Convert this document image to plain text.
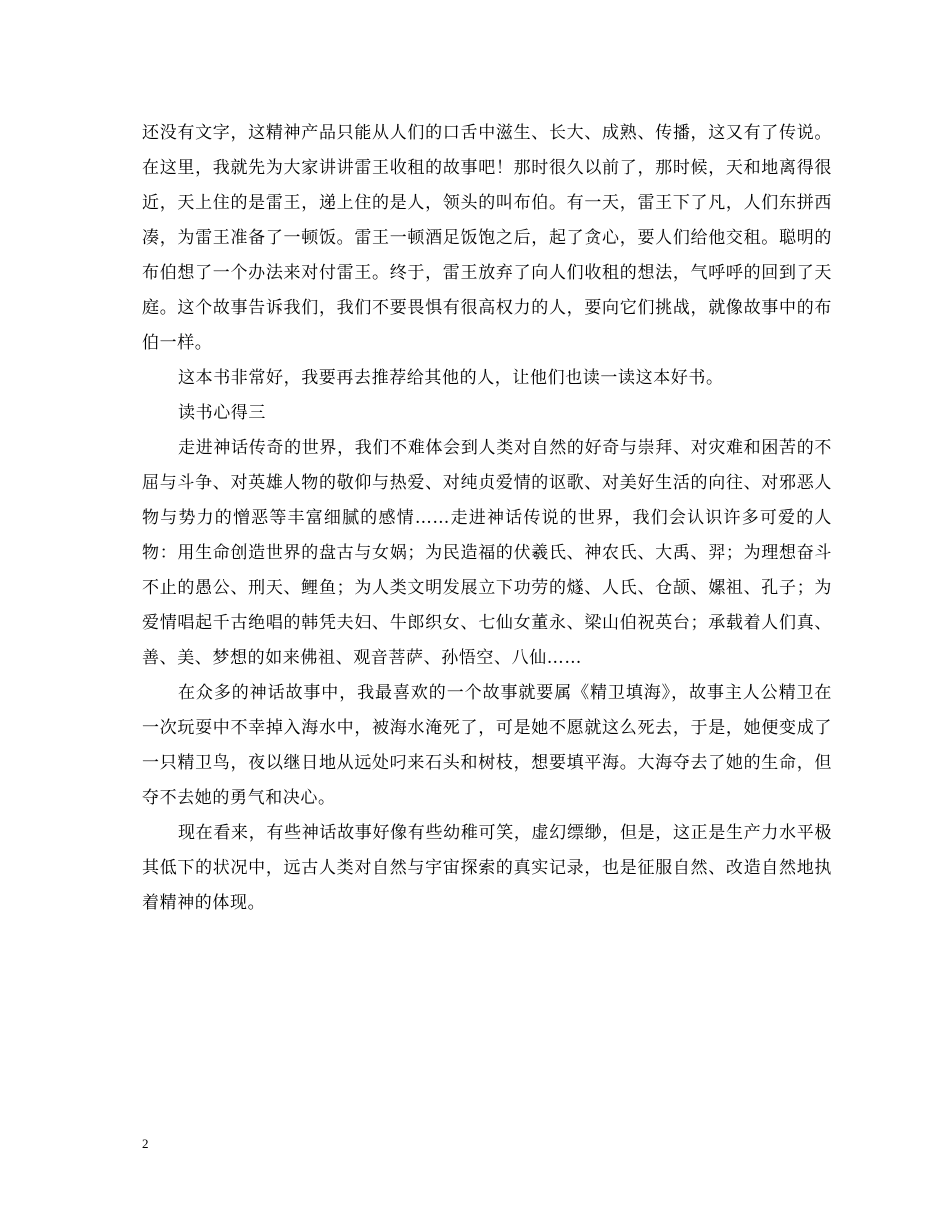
还没有文字，这精神产品只能从人们的口舌中滋生、长大、成熟、传播，这又有了传说。在这里，我就先为大家讲讲雷王收租的故事吧！那时很久以前了，那时候，天和地离得很近，天上住的是雷王，递上住的是人，领头的叫布伯。有一天，雷王下了凡，人们东拼西凑，为雷王准备了一顿饭。雷王一顿酒足饭饱之后，起了贪心，要人们给他交租。聪明的布伯想了一个办法来对付雷王。终于，雷王放弃了向人们收租的想法，气呼呼的回到了天庭。这个故事告诉我们，我们不要畏惧有很高权力的人，要向它们挑战，就像故事中的布伯一样。

这本书非常好，我要再去推荐给其他的人，让他们也读一读这本好书。

读书心得三

走进神话传奇的世界，我们不难体会到人类对自然的好奇与崇拜、对灾难和困苦的不屈与斗争、对英雄人物的敬仰与热爱、对纯贞爱情的讴歌、对美好生活的向往、对邪恶人物与势力的憎恶等丰富细腻的感情……走进神话传说的世界，我们会认识许多可爱的人物：用生命创造世界的盘古与女娲；为民造福的伏羲氏、神农氏、大禹、羿；为理想奋斗不止的愚公、刑天、鲤鱼；为人类文明发展立下功劳的燧、人氏、仓颉、嫘祖、孔子；为爱情唱起千古绝唱的韩凭夫妇、牛郎织女、七仙女董永、梁山伯祝英台；承载着人们真、善、美、梦想的如来佛祖、观音菩萨、孙悟空、八仙……

在众多的神话故事中，我最喜欢的一个故事就要属《精卫填海》，故事主人公精卫在一次玩耍中不幸掉入海水中，被海水淹死了，可是她不愿就这么死去，于是，她便变成了一只精卫鸟，夜以继日地从远处叼来石头和树枝，想要填平海。大海夺去了她的生命，但夺不去她的勇气和决心。

现在看来，有些神话故事好像有些幼稚可笑，虚幻缥缈，但是，这正是生产力水平极其低下的状况中，远古人类对自然与宇宙探索的真实记录，也是征服自然、改造自然地执着精神的体现。

2
